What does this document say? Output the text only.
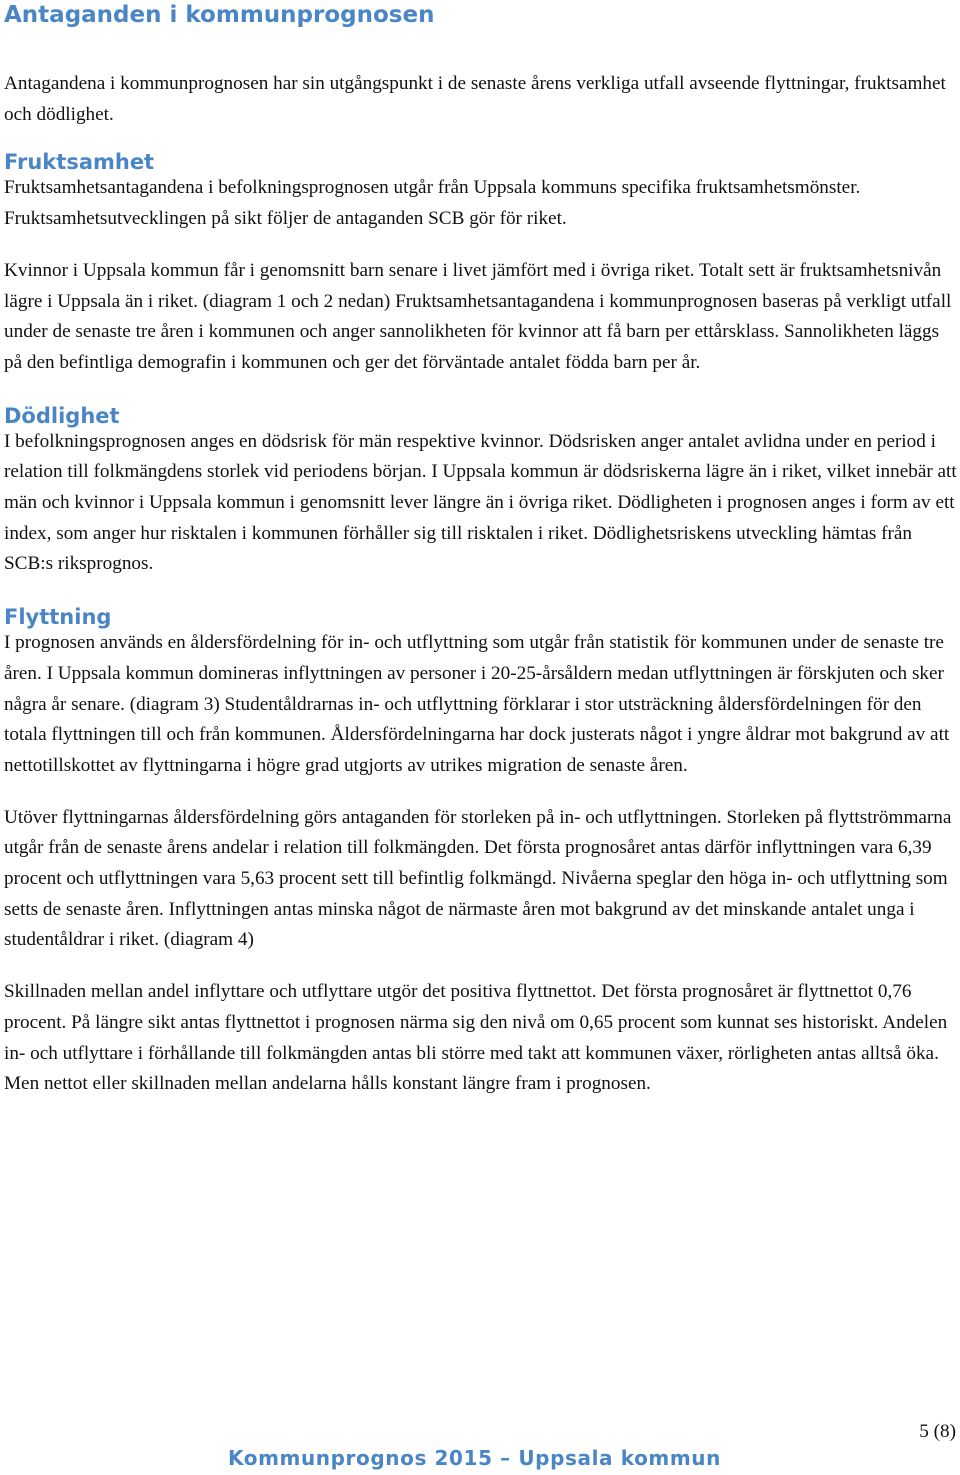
Antaganden i kommunprognosen

Antagandena i kommunprognosen har sin utgångspunkt i de senaste årens verkliga utfall avseende flyttningar, fruktsamhet och dödlighet.

Fruktsamhet

Fruktsamhetsantagandena i befolkningsprognosen utgår från Uppsala kommuns specifika fruktsamhetsmönster. Fruktsamhetsutvecklingen på sikt följer de antaganden SCB gör för riket.

Kvinnor i Uppsala kommun får i genomsnitt barn senare i livet jämfört med i övriga riket. Totalt sett är fruktsamhetsnivån lägre i Uppsala än i riket. (diagram 1 och 2 nedan) Fruktsamhetsantagandena i kommunprognosen baseras på verkligt utfall under de senaste tre åren i kommunen och anger sannolikheten för kvinnor att få barn per ettårsklass. Sannolikheten läggs på den befintliga demografin i kommunen och ger det förväntade antalet födda barn per år.

Dödlighet

I befolkningsprognosen anges en dödsrisk för män respektive kvinnor. Dödsrisken anger antalet avlidna under en period i relation till folkmängdens storlek vid periodens början. I Uppsala kommun är dödsriskerna lägre än i riket, vilket innebär att män och kvinnor i Uppsala kommun i genomsnitt lever längre än i övriga riket. Dödligheten i prognosen anges i form av ett index, som anger hur risktalen i kommunen förhåller sig till risktalen i riket. Dödlighetsriskens utveckling hämtas från SCB:s riksprognos.

Flyttning

I prognosen används en åldersfördelning för in- och utflyttning som utgår från statistik för kommunen under de senaste tre åren. I Uppsala kommun domineras inflyttningen av personer i 20-25-årsåldern medan utflyttningen är förskjuten och sker några år senare. (diagram 3) Studentåldrarnas in- och utflyttning förklarar i stor utsträckning åldersfördelningen för den totala flyttningen till och från kommunen. Åldersfördelningarna har dock justerats något i yngre åldrar mot bakgrund av att nettotillskottet av flyttningarna i högre grad utgjorts av utrikes migration de senaste åren.

Utöver flyttningarnas åldersfördelning görs antaganden för storleken på in- och utflyttningen. Storleken på flyttströmmarna utgår från de senaste årens andelar i relation till folkmängden. Det första prognosåret antas därför inflyttningen vara 6,39 procent och utflyttningen vara 5,63 procent sett till befintlig folkmängd. Nivåerna speglar den höga in- och utflyttning som setts de senaste åren. Inflyttningen antas minska något de närmaste åren mot bakgrund av det minskande antalet unga i studentåldrar i riket. (diagram 4)

Skillnaden mellan andel inflyttare och utflyttare utgör det positiva flyttnettot. Det första prognosåret är flyttnettot 0,76 procent. På längre sikt antas flyttnettot i prognosen närma sig den nivå om 0,65 procent som kunnat ses historiskt. Andelen in- och utflyttare i förhållande till folkmängden antas bli större med takt att kommunen växer, rörligheten antas alltså öka. Men nettot eller skillnaden mellan andelarna hålls konstant längre fram i prognosen.

5 (8)
Kommunprognos 2015 – Uppsala kommun
